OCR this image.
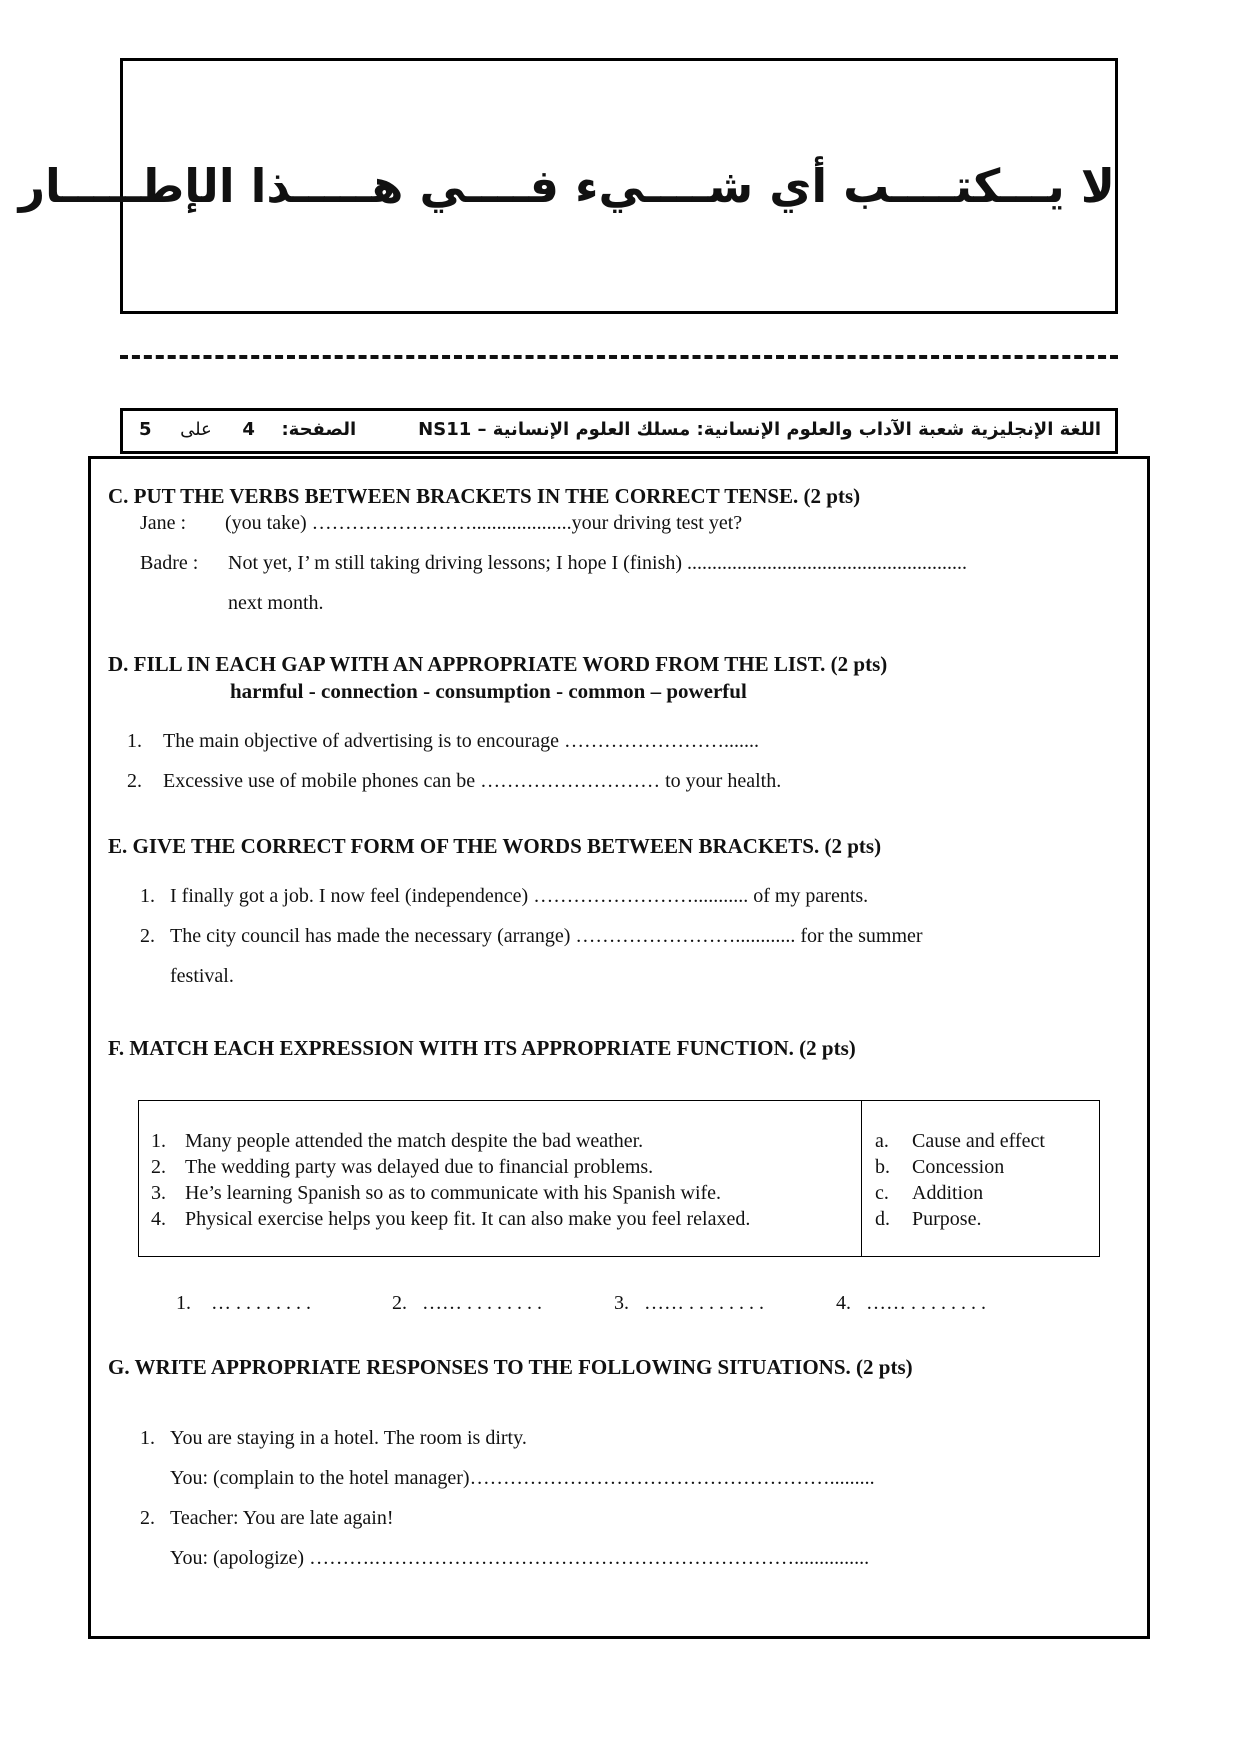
لا يـــكتــــب أي شــــيء فــــي هـــــذا الإطـــــار
الصفحة:  4  على  5	اللغة الإنجليزية شعبة الآداب والعلوم الإنسانية: مسلك العلوم الإنسانية – NS11
C. PUT THE VERBS BETWEEN BRACKETS IN THE CORRECT TENSE. (2 pts)
Jane : (you take) ……………………....................your driving test yet?
Badre : Not yet, I’ m still taking driving lessons; I hope I (finish) ........................................................
next month.
D. FILL IN EACH GAP WITH AN APPROPRIATE WORD FROM THE LIST. (2 pts)
harmful - connection - consumption - common – powerful
1. The main objective of advertising is to encourage …………………….......
2. Excessive use of mobile phones can be ……………………… to your health.
E. GIVE THE CORRECT FORM OF THE WORDS BETWEEN BRACKETS. (2 pts)
1. I finally got a job. I now feel (independence) ……………………........... of my parents.
2. The city council has made the necessary (arrange) ……………………............ for the summer
festival.
F. MATCH EACH EXPRESSION WITH ITS APPROPRIATE FUNCTION. (2 pts)
1. Many people attended the match despite the bad weather.
2. The wedding party was delayed due to financial problems.
3. He’s learning Spanish so as to communicate with his Spanish wife.
4. Physical exercise helps you keep fit. It can also make you feel relaxed.
a. Cause and effect
b. Concession
c. Addition
d. Purpose.
1. … . . . . . . . .	2. …… . . . . . . . .	3. …… . . . . . . . .	4. …… . . . . . . . .
G. WRITE APPROPRIATE RESPONSES TO THE FOLLOWING SITUATIONS. (2 pts)
1. You are staying in a hotel. The room is dirty.
You: (complain to the hotel manager)……………………………………………….........
2. Teacher: You are late again!
You: (apologize) ……….………………………………………………………...............
